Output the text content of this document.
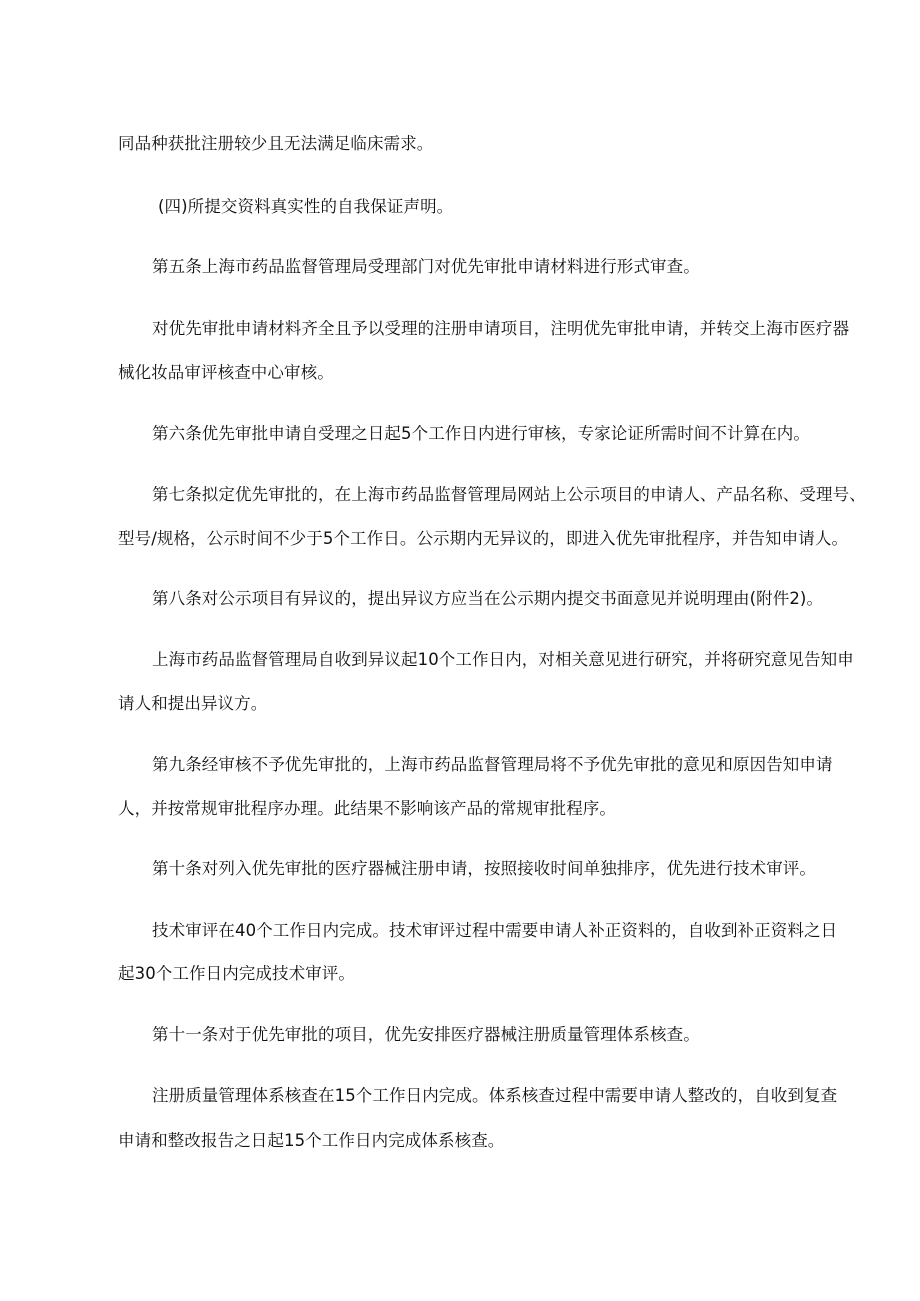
同品种获批注册较少且无法满足临床需求。
(四)所提交资料真实性的自我保证声明。
第五条上海市药品监督管理局受理部门对优先审批申请材料进行形式审查。
对优先审批申请材料齐全且予以受理的注册申请项目，注明优先审批申请，并转交上海市医疗器
械化妆品审评核查中心审核。
第六条优先审批申请自受理之日起5个工作日内进行审核，专家论证所需时间不计算在内。
第七条拟定优先审批的，在上海市药品监督管理局网站上公示项目的申请人、产品名称、受理号、
型号/规格，公示时间不少于5个工作日。公示期内无异议的，即进入优先审批程序，并告知申请人。
第八条对公示项目有异议的，提出异议方应当在公示期内提交书面意见并说明理由(附件2)。
上海市药品监督管理局自收到异议起10个工作日内，对相关意见进行研究，并将研究意见告知申
请人和提出异议方。
第九条经审核不予优先审批的，上海市药品监督管理局将不予优先审批的意见和原因告知申请
人，并按常规审批程序办理。此结果不影响该产品的常规审批程序。
第十条对列入优先审批的医疗器械注册申请，按照接收时间单独排序，优先进行技术审评。
技术审评在40个工作日内完成。技术审评过程中需要申请人补正资料的，自收到补正资料之日
起30个工作日内完成技术审评。
第十一条对于优先审批的项目，优先安排医疗器械注册质量管理体系核查。
注册质量管理体系核查在15个工作日内完成。体系核查过程中需要申请人整改的，自收到复查
申请和整改报告之日起15个工作日内完成体系核查。
